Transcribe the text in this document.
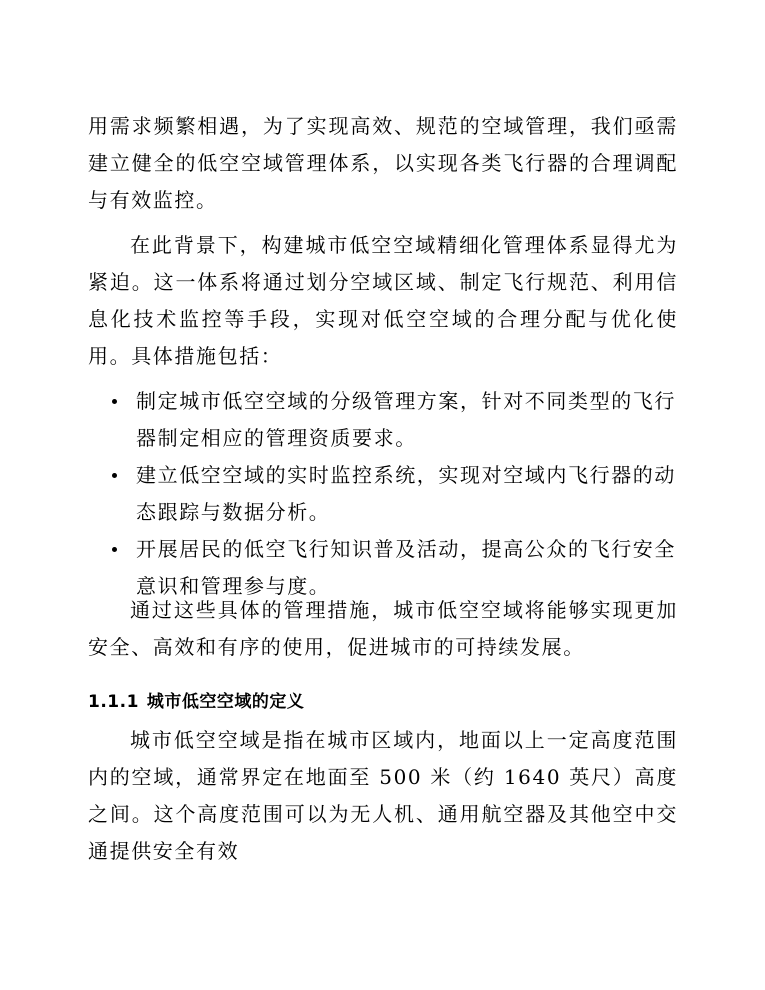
用需求频繁相遇，为了实现高效、规范的空域管理，我们亟需建立健全的低空空域管理体系，以实现各类飞行器的合理调配与有效监控。

在此背景下，构建城市低空空域精细化管理体系显得尤为紧迫。这一体系将通过划分空域区域、制定飞行规范、利用信息化技术监控等手段，实现对低空空域的合理分配与优化使用。具体措施包括：

制定城市低空空域的分级管理方案，针对不同类型的飞行器制定相应的管理资质要求。
建立低空空域的实时监控系统，实现对空域内飞行器的动态跟踪与数据分析。
开展居民的低空飞行知识普及活动，提高公众的飞行安全意识和管理参与度。

通过这些具体的管理措施，城市低空空域将能够实现更加安全、高效和有序的使用，促进城市的可持续发展。

1.1.1 城市低空空域的定义

城市低空空域是指在城市区域内，地面以上一定高度范围内的空域，通常界定在地面至 500 米（约 1640 英尺）高度之间。这个高度范围可以为无人机、通用航空器及其他空中交通提供安全有效
